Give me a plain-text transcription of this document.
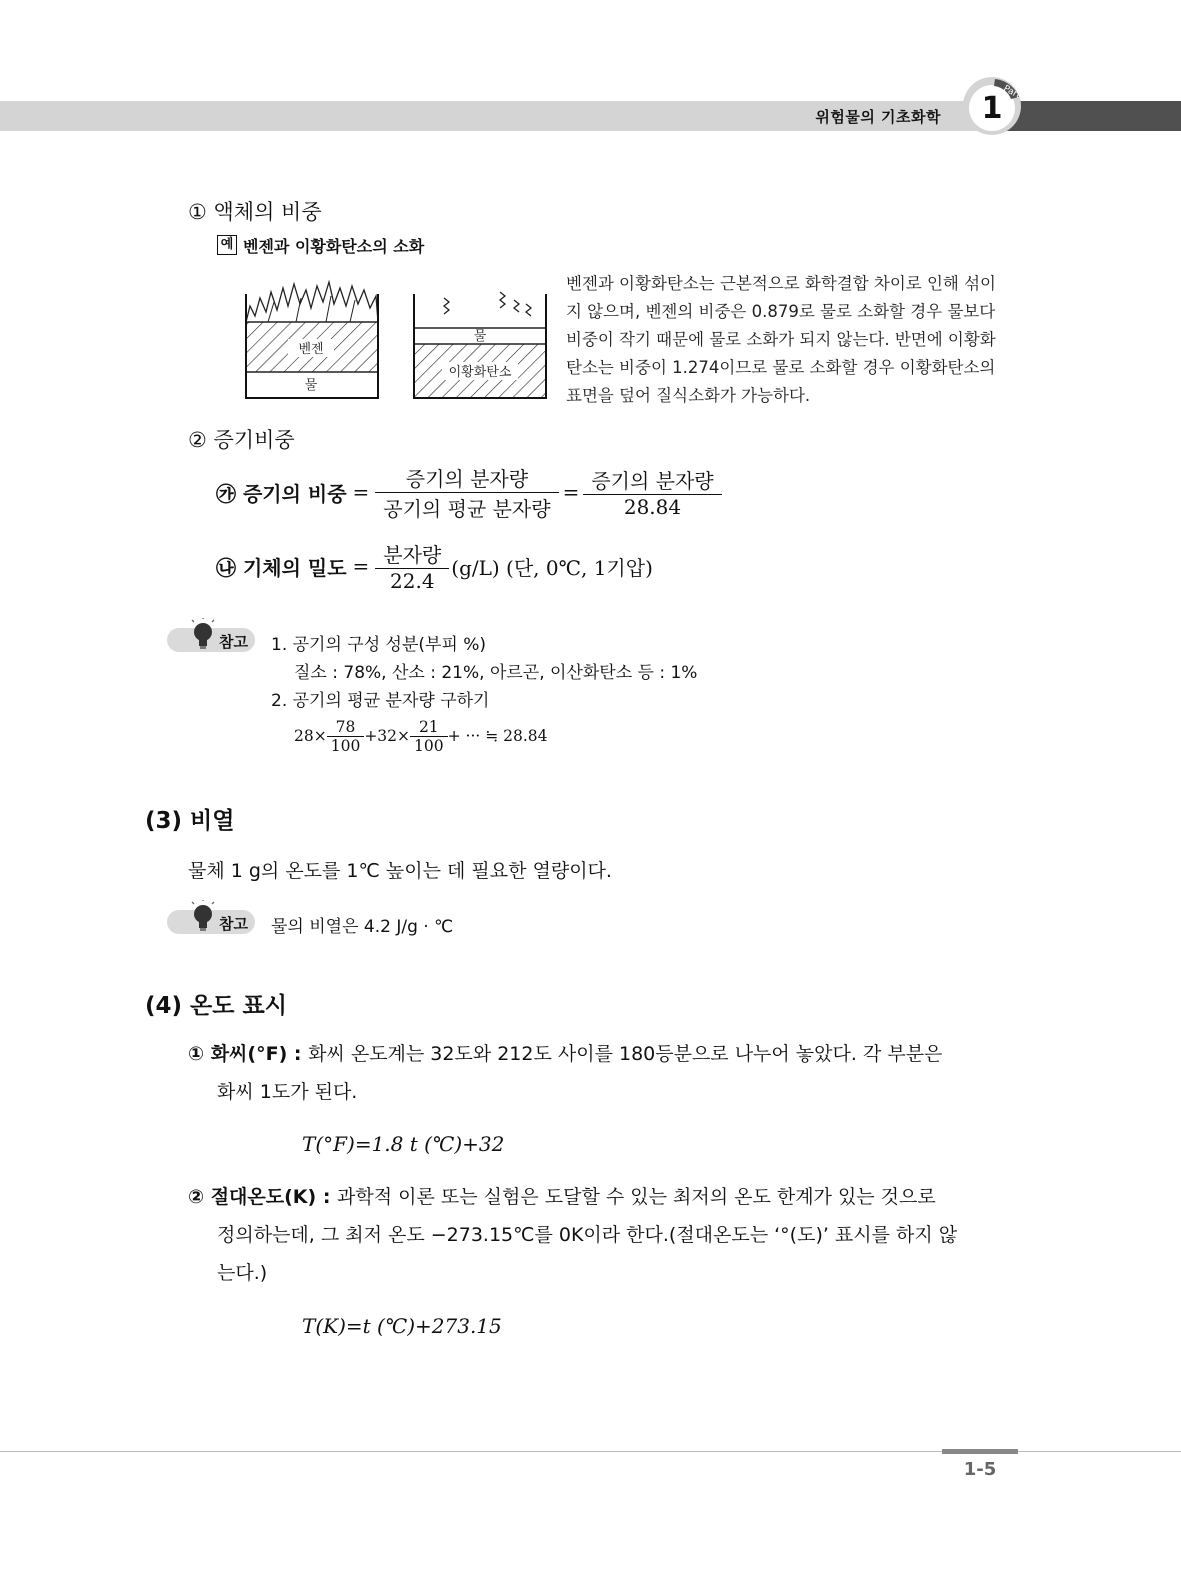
위험물의 기초화학
Part
1
① 액체의 비중
예 벤젠과 이황화탄소의 소화
벤젠
물
물
이황화탄소
벤젠과 이황화탄소는 근본적으로 화학결합 차이로 인해 섞이
지 않으며, 벤젠의 비중은 0.879로 물로 소화할 경우 물보다
비중이 작기 때문에 물로 소화가 되지 않는다. 반면에 이황화
탄소는 비중이 1.274이므로 물로 소화할 경우 이황화탄소의
표면을 덮어 질식소화가 가능하다.
② 증기비중
㉮ 증기의 비중 = $\frac{\text{증기의 분자량}}{\text{공기의 평균 분자량}} = \frac{\text{증기의 분자량}}{28.84}$
㉯ 기체의 밀도 = $\frac{\text{분자량}}{22.4} (g/L)$ (단, 0℃, 1기압)
참고 1. 공기의 구성 성분(부피 %)
질소 : 78%, 산소 : 21%, 아르곤, 이산화탄소 등 : 1%
2. 공기의 평균 분자량 구하기
$28\times \frac{78}{100} +32\times \frac{21}{100}$ + ··· ≒ 28.84
(3) 비열
물체 1 g의 온도를 1℃ 높이는 데 필요한 열량이다.
참고 물의 비열은 4.2 J/g · ℃
(4) 온도 표시
① 화씨(°F) : 화씨 온도계는 32도와 212도 사이를 180등분으로 나누어 놓았다. 각 부분은
화씨 1도가 된다.
T(°F)=1.8 t (℃)+32
② 절대온도(K) : 과학적 이론 또는 실험은 도달할 수 있는 최저의 온도 한계가 있는 것으로
정의하는데, 그 최저 온도 −273.15℃를 0K이라 한다.(절대온도는 ‘°(도)’ 표시를 하지 않
는다.)
T(K)=t (℃)+273.15
1-5
